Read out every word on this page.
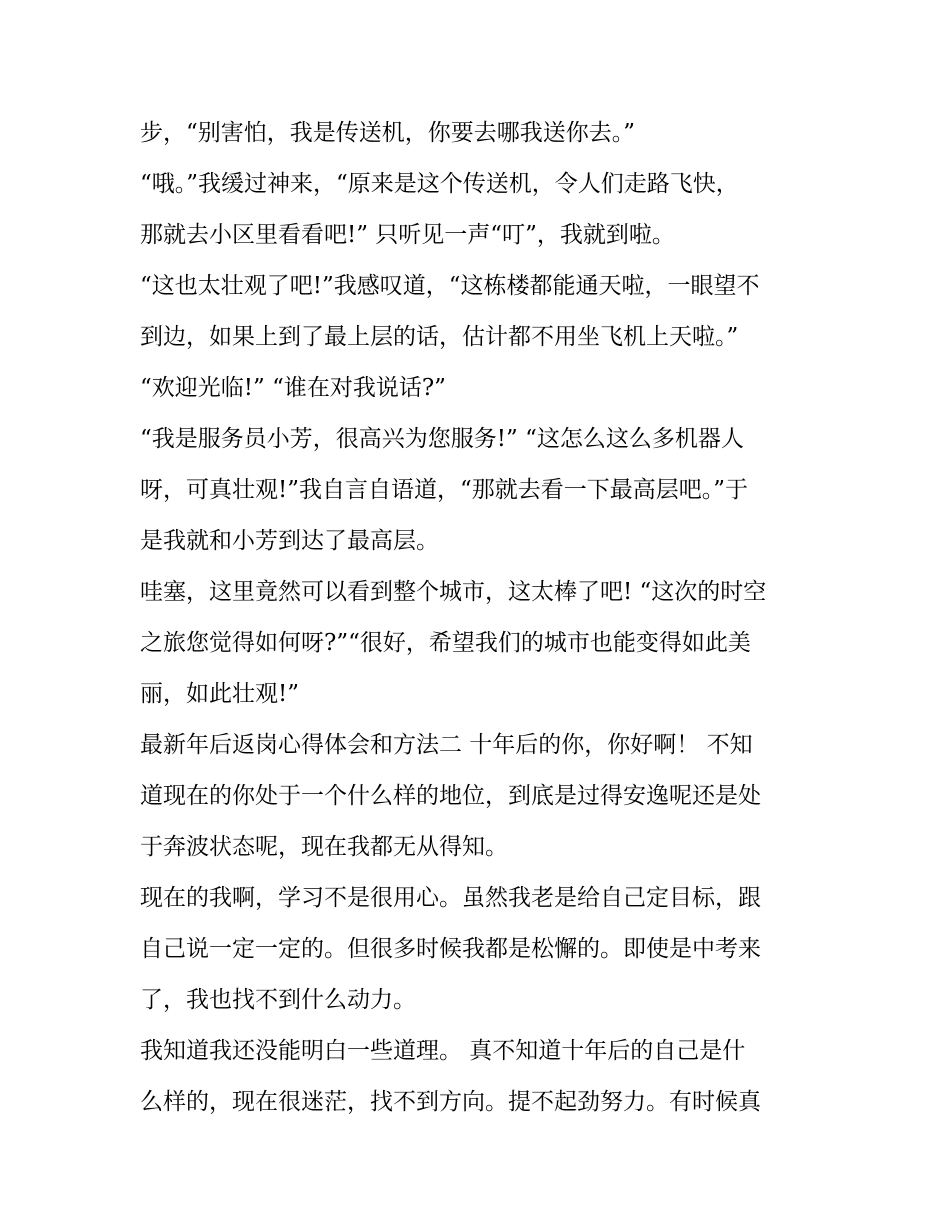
步，“别害怕，我是传送机，你要去哪我送你去。”
“哦。”我缓过神来，“原来是这个传送机，令人们走路飞快，
那就去小区里看看吧!” 只听见一声“叮”，我就到啦。
“这也太壮观了吧!”我感叹道，“这栋楼都能通天啦，一眼望不
到边，如果上到了最上层的话，估计都不用坐飞机上天啦。”
“欢迎光临!” “谁在对我说话?”
“我是服务员小芳，很高兴为您服务!” “这怎么这么多机器人
呀，可真壮观!”我自言自语道，“那就去看一下最高层吧。”于
是我就和小芳到达了最高层。
哇塞，这里竟然可以看到整个城市，这太棒了吧! “这次的时空
之旅您觉得如何呀?”“很好，希望我们的城市也能变得如此美
丽，如此壮观!”
最新年后返岗心得体会和方法二 十年后的你，你好啊！ 不知
道现在的你处于一个什么样的地位，到底是过得安逸呢还是处
于奔波状态呢，现在我都无从得知。
现在的我啊，学习不是很用心。虽然我老是给自己定目标，跟
自己说一定一定的。但很多时候我都是松懈的。即使是中考来
了，我也找不到什么动力。
我知道我还没能明白一些道理。 真不知道十年后的自己是什
么样的，现在很迷茫，找不到方向。提不起劲努力。有时候真
